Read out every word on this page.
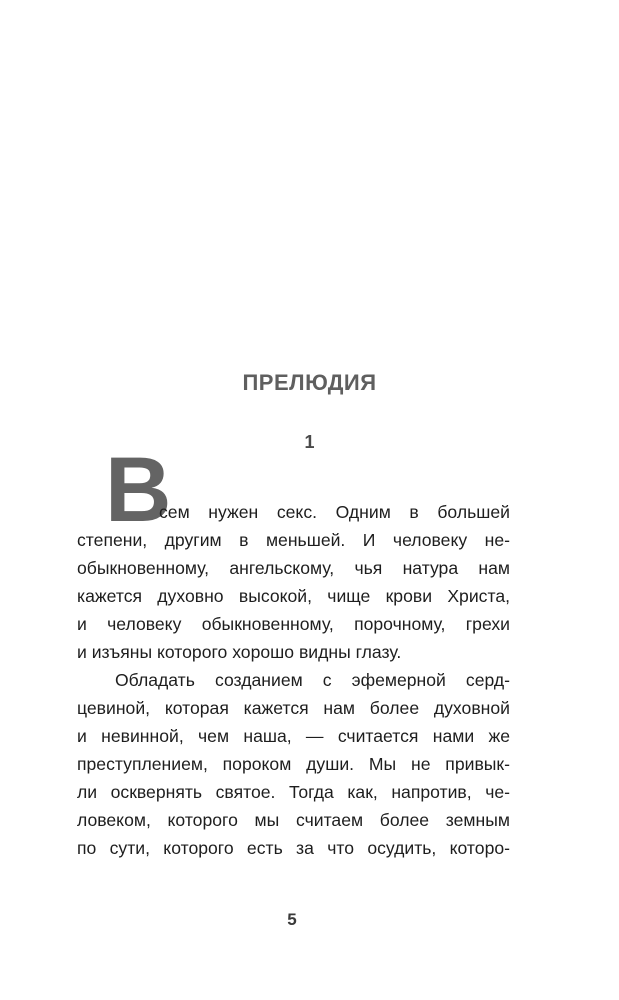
ПРЕЛЮДИЯ
1
В
сем нужен секс. Одним в большей
степени, другим в меньшей. И человеку не-
обыкновенному, ангельскому, чья натура нам
кажется духовно высокой, чище крови Христа,
и человеку обыкновенному, порочному, грехи
и изъяны которого хорошо видны глазу.
Обладать созданием с эфемерной серд-
цевиной, которая кажется нам более духовной
и невинной, чем наша, — считается нами же
преступлением, пороком души. Мы не привык-
ли осквернять святое. Тогда как, напротив, че-
ловеком, которого мы считаем более земным
по сути, которого есть за что осудить, которо-
5
